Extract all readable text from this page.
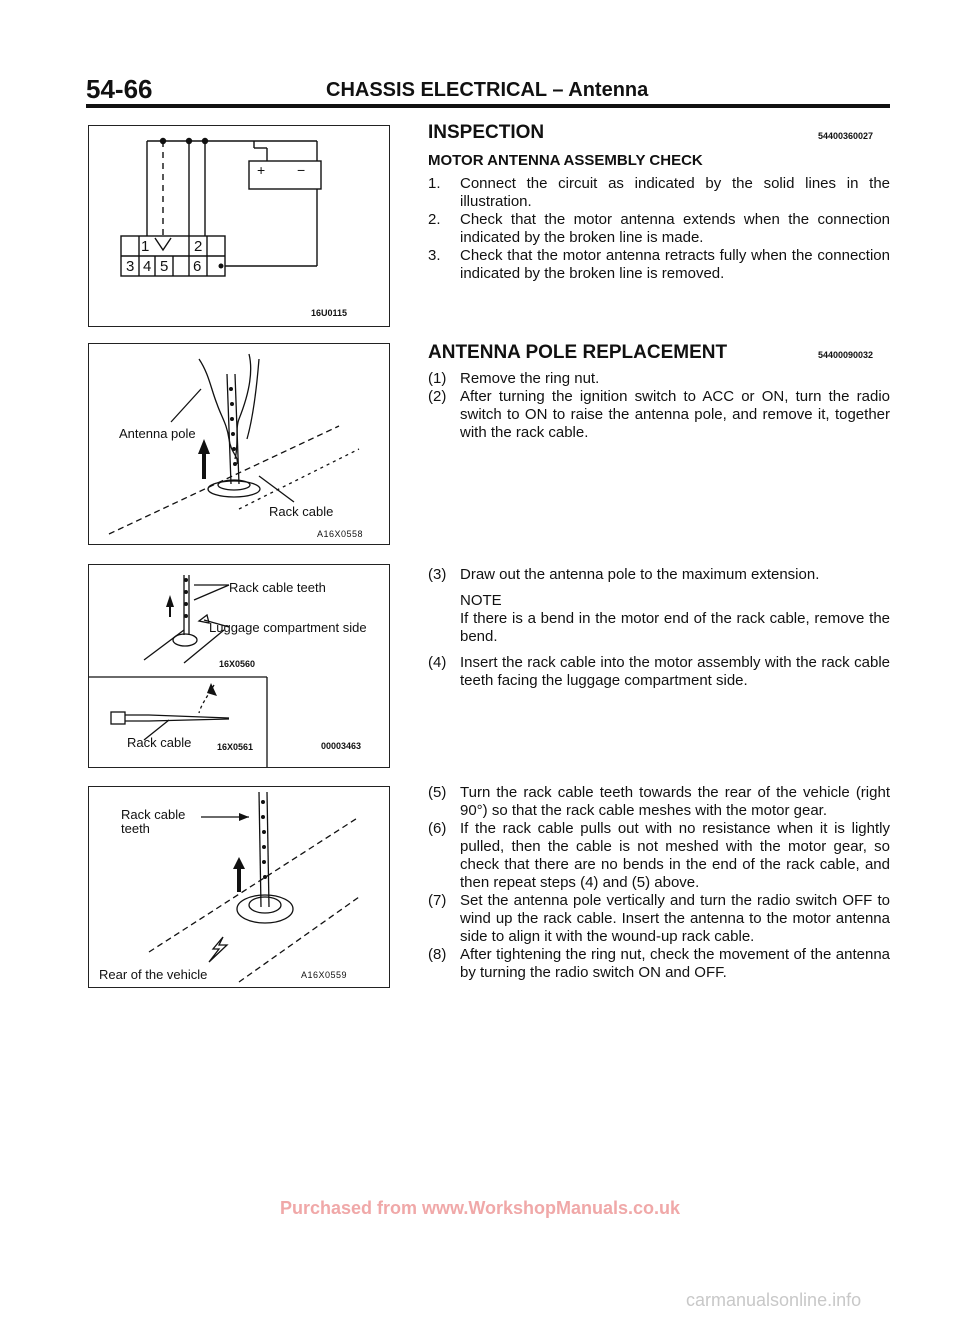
54-66	CHASSIS ELECTRICAL – Antenna
1	2
3 4 5 6
+ −
16U0115
Antenna pole
Rack cable
A16X0558
Rack cable teeth
Luggage compartment side
16X0560
Rack cable	16X0561	00003463
Rack cable
teeth
Rear of the vehicle	A16X0559
INSPECTION	54400360027
MOTOR ANTENNA ASSEMBLY CHECK
1.	Connect the circuit as indicated by the solid lines in the illustration.
2.	Check that the motor antenna extends when the connection indicated by the broken line is made.
3.	Check that the motor antenna retracts fully when the connection indicated by the broken line is removed.
ANTENNA POLE REPLACEMENT	54400090032
(1) Remove the ring nut.
(2) After turning the ignition switch to ACC or ON, turn the radio switch to ON to raise the antenna pole, and remove it, together with the rack cable.
(3) Draw out the antenna pole to the maximum extension.
NOTE
If there is a bend in the motor end of the rack cable, remove the bend.
(4) Insert the rack cable into the motor assembly with the rack cable teeth facing the luggage compartment side.
(5) Turn the rack cable teeth towards the rear of the vehicle (right 90°) so that the rack cable meshes with the motor gear.
(6) If the rack cable pulls out with no resistance when it is lightly pulled, then the cable is not meshed with the motor gear, so check that there are no bends in the end of the rack cable, and then repeat steps (4) and (5) above.
(7) Set the antenna pole vertically and turn the radio switch OFF to wind up the rack cable. Insert the antenna to the motor antenna side to align it with the wound-up rack cable.
(8) After tightening the ring nut, check the movement of the antenna by turning the radio switch ON and OFF.
Purchased from www.WorkshopManuals.co.uk
carmanualsonline.info
